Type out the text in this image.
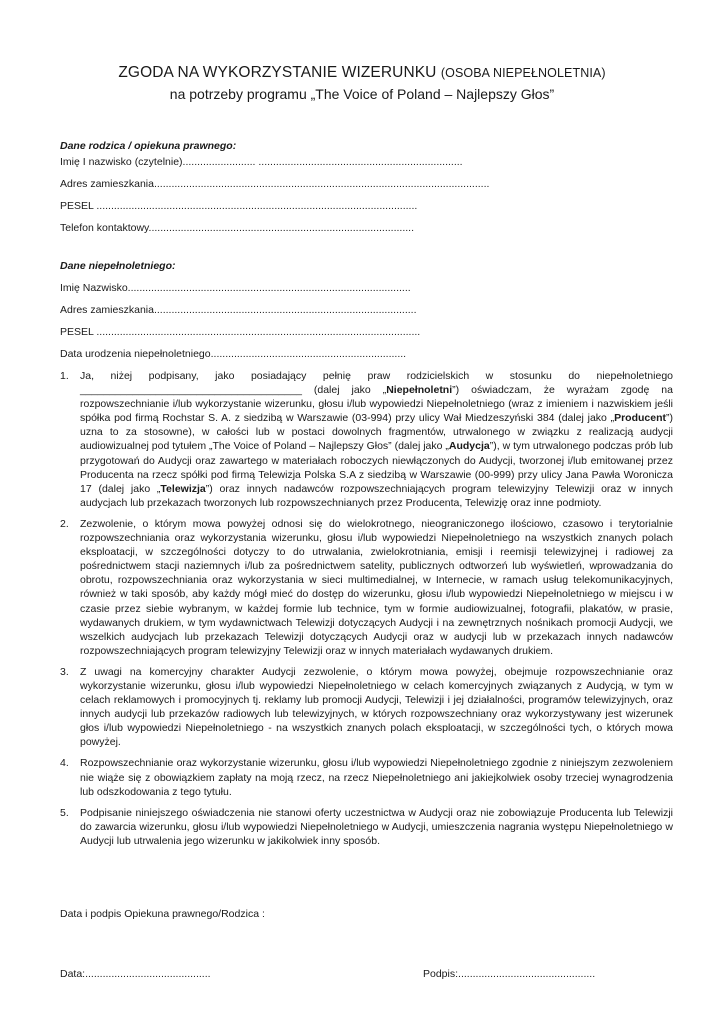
ZGODA NA WYKORZYSTANIE WIZERUNKU (OSOBA NIEPEŁNOLETNIA)
na potrzeby programu „The Voice of Poland – Najlepszy Głos”
Dane rodzica / opiekuna prawnego:
Imię I nazwisko (czytelnie)......................... ......................................................................
Adres zamieszkania...................................................................................................................
PESEL ..............................................................................................................
Telefon kontaktowy...........................................................................................
Dane niepełnoletniego:
Imię Nazwisko.................................................................................................
Adres zamieszkania..........................................................................................
PESEL ...............................................................................................................
Data urodzenia niepełnoletniego...................................................................
1. Ja, niżej podpisany, jako posiadający pełnię praw rodzicielskich w stosunku do niepełnoletniego ______________________________________ (dalej jako „Niepełnoletni”) oświadczam, że wyrażam zgodę na rozpowszechnianie i/lub wykorzystanie wizerunku, głosu i/lub wypowiedzi Niepełnoletniego (wraz z imieniem i nazwiskiem jeśli spółka pod firmą Rochstar S. A. z siedzibą w Warszawie (03-994) przy ulicy Wał Miedzeszyński 384 (dalej jako „Producent”) uzna to za stosowne), w całości lub w postaci dowolnych fragmentów, utrwalonego w związku z realizacją audycji audiowizualnej pod tytułem „The Voice of Poland – Najlepszy Głos” (dalej jako „Audycja”), w tym utrwalonego podczas prób lub przygotowań do Audycji oraz zawartego w materiałach roboczych niewłączonych do Audycji, tworzonej i/lub emitowanej przez Producenta na rzecz spółki pod firmą Telewizja Polska S.A z siedzibą w Warszawie (00-999) przy ulicy Jana Pawła Woronicza 17 (dalej jako „Telewizja”) oraz innych nadawców rozpowszechniających program telewizyjny Telewizji oraz w innych audycjach lub przekazach tworzonych lub rozpowszechnianych przez Producenta, Telewizję oraz inne podmioty.
2. Zezwolenie, o którym mowa powyżej odnosi się do wielokrotnego, nieograniczonego ilościowo, czasowo i terytorialnie rozpowszechniania oraz wykorzystania wizerunku, głosu i/lub wypowiedzi Niepełnoletniego na wszystkich znanych polach eksploatacji, w szczególności dotyczy to do utrwalania, zwielokrotniania, emisji i reemisji telewizyjnej i radiowej za pośrednictwem stacji naziemnych i/lub za pośrednictwem satelity, publicznych odtworzeń lub wyświetleń, wprowadzania do obrotu, rozpowszechniania oraz wykorzystania w sieci multimedialnej, w Internecie, w ramach usług telekomunikacyjnych, również w taki sposób, aby każdy mógł mieć do dostęp do wizerunku, głosu i/lub wypowiedzi Niepełnoletniego w miejscu i w czasie przez siebie wybranym, w każdej formie lub technice, tym w formie audiowizualnej, fotografii, plakatów, w prasie, wydawanych drukiem, w tym wydawnictwach Telewizji dotyczących Audycji i na zewnętrznych nośnikach promocji Audycji, we wszelkich audycjach lub przekazach Telewizji dotyczących Audycji oraz w audycji lub w przekazach innych nadawców rozpowszechniających program telewizyjny Telewizji oraz w innych materiałach wydawanych drukiem.
3. Z uwagi na komercyjny charakter Audycji zezwolenie, o którym mowa powyżej, obejmuje rozpowszechnianie oraz wykorzystanie wizerunku, głosu i/lub wypowiedzi Niepełnoletniego w celach komercyjnych związanych z Audycją, w tym w celach reklamowych i promocyjnych tj. reklamy lub promocji Audycji, Telewizji i jej działalności, programów telewizyjnych, oraz innych audycji lub przekazów radiowych lub telewizyjnych, w których rozpowszechniany oraz wykorzystywany jest wizerunek głos i/lub wypowiedzi Niepełnoletniego - na wszystkich znanych polach eksploatacji, w szczególności tych, o których mowa powyżej.
4. Rozpowszechnianie oraz wykorzystanie wizerunku, głosu i/lub wypowiedzi Niepełnoletniego zgodnie z niniejszym zezwoleniem nie wiąże się z obowiązkiem zapłaty na moją rzecz, na rzecz Niepełnoletniego ani jakiejkolwiek osoby trzeciej wynagrodzenia lub odszkodowania z tego tytułu.
5. Podpisanie niniejszego oświadczenia nie stanowi oferty uczestnictwa w Audycji oraz nie zobowiązuje Producenta lub Telewizji do zawarcia wizerunku, głosu i/lub wypowiedzi Niepełnoletniego w Audycji, umieszczenia nagrania występu Niepełnoletniego w Audycji lub utrwalenia jego wizerunku w jakikolwiek inny sposób.
Data i podpis Opiekuna prawnego/Rodzica :
Data:...........................................	Podpis:...............................................
